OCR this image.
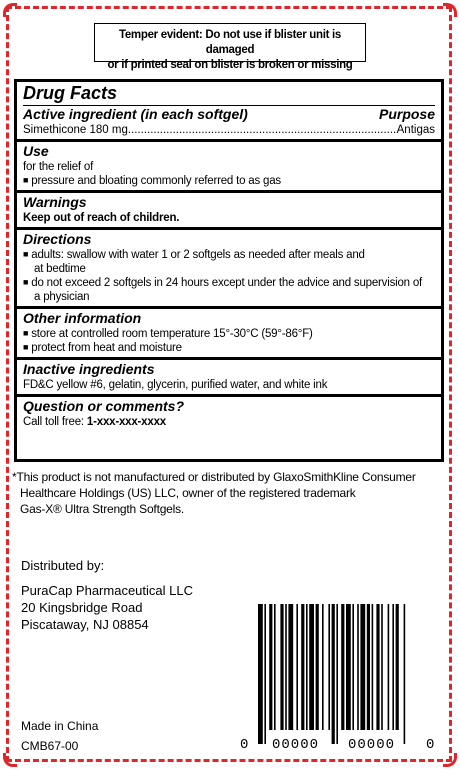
Temper evident: Do not use if blister unit is damaged
or if printed seal on blister is broken or missing
Drug Facts
Active ingredient (in each softgel)	Purpose
Simethicone 180 mg
.....	Antigas
Use
for the relief of
■ pressure and bloating commonly referred to as gas
Warnings
Keep out of reach of children.
Directions
■ adults: swallow with water 1 or 2 softgels as needed after meals and
at bedtime
■ do not exceed 2 softgels in 24 hours except under the advice and supervision of
a physician
Other information
■ store at controlled room temperature 15°-30°C (59°-86°F)
■ protect from heat and moisture
Inactive ingredients
FD&C yellow #6, gelatin, glycerin, purified water, and white ink
Question or comments?
Call toll free: 1-xxx-xxx-xxxx
*This product is not manufactured or distributed by GlaxoSmithKline Consumer
Healthcare Holdings (US) LLC, owner of the registered trademark
Gas-X® Ultra Strength Softgels.
Distributed by:
PuraCap Pharmaceutical LLC
20 Kingsbridge Road
Piscataway, NJ 08854
Made in China
CMB67-00	0 00000 00000 0
